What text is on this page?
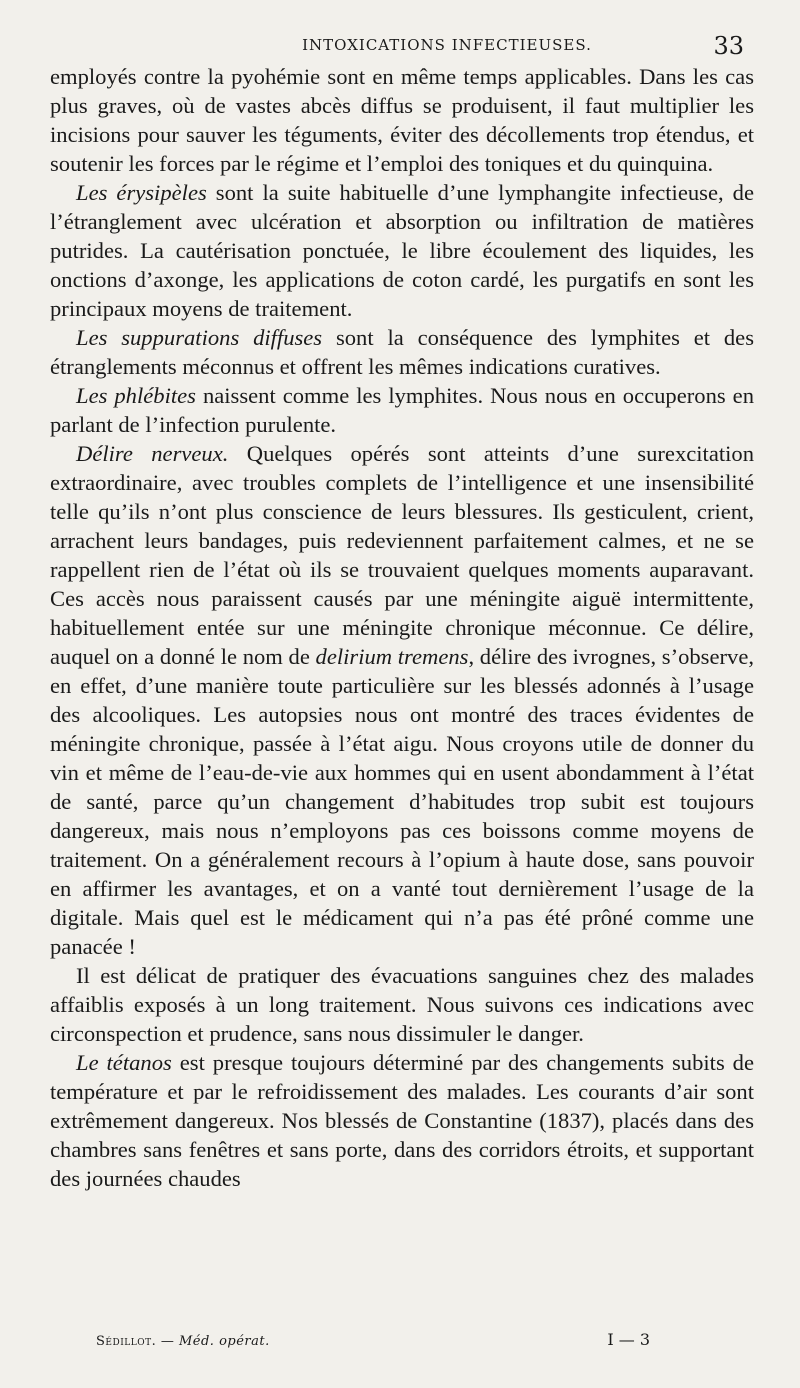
INTOXICATIONS INFECTIEUSES.	33

employés contre la pyohémie sont en même temps applicables. Dans les cas plus graves, où de vastes abcès diffus se produisent, il faut multiplier les incisions pour sauver les téguments, éviter des décollements trop étendus, et soutenir les forces par le régime et l’emploi des toniques et du quinquina.

Les érysipèles sont la suite habituelle d’une lymphangite infectieuse, de l’étranglement avec ulcération et absorption ou infiltration de matières putrides. La cautérisation ponctuée, le libre écoulement des liquides, les onctions d’axonge, les applications de coton cardé, les purgatifs en sont les principaux moyens de traitement.

Les suppurations diffuses sont la conséquence des lymphites et des étranglements méconnus et offrent les mêmes indications curatives.

Les phlébites naissent comme les lymphites. Nous nous en occuperons en parlant de l’infection purulente.

Délire nerveux. Quelques opérés sont atteints d’une surexcitation extraordinaire, avec troubles complets de l’intelligence et une insensibilité telle qu’ils n’ont plus conscience de leurs blessures. Ils gesticulent, crient, arrachent leurs bandages, puis redeviennent parfaitement calmes, et ne se rappellent rien de l’état où ils se trouvaient quelques moments auparavant. Ces accès nous paraissent causés par une méningite aiguë intermittente, habituellement entée sur une méningite chronique méconnue. Ce délire, auquel on a donné le nom de delirium tremens, délire des ivrognes, s’observe, en effet, d’une manière toute particulière sur les blessés adonnés à l’usage des alcooliques. Les autopsies nous ont montré des traces évidentes de méningite chronique, passée à l’état aigu. Nous croyons utile de donner du vin et même de l’eau-de-vie aux hommes qui en usent abondamment à l’état de santé, parce qu’un changement d’habitudes trop subit est toujours dangereux, mais nous n’employons pas ces boissons comme moyens de traitement. On a généralement recours à l’opium à haute dose, sans pouvoir en affirmer les avantages, et on a vanté tout dernièrement l’usage de la digitale. Mais quel est le médicament qui n’a pas été prôné comme une panacée !

Il est délicat de pratiquer des évacuations sanguines chez des malades affaiblis exposés à un long traitement. Nous suivons ces indications avec circonspection et prudence, sans nous dissimuler le danger.

Le tétanos est presque toujours déterminé par des changements subits de température et par le refroidissement des malades. Les courants d’air sont extrêmement dangereux. Nos blessés de Constantine (1837), placés dans des chambres sans fenêtres et sans porte, dans des corridors étroits, et supportant des journées chaudes

Sédillot. — Méd. opérat.	I — 3
